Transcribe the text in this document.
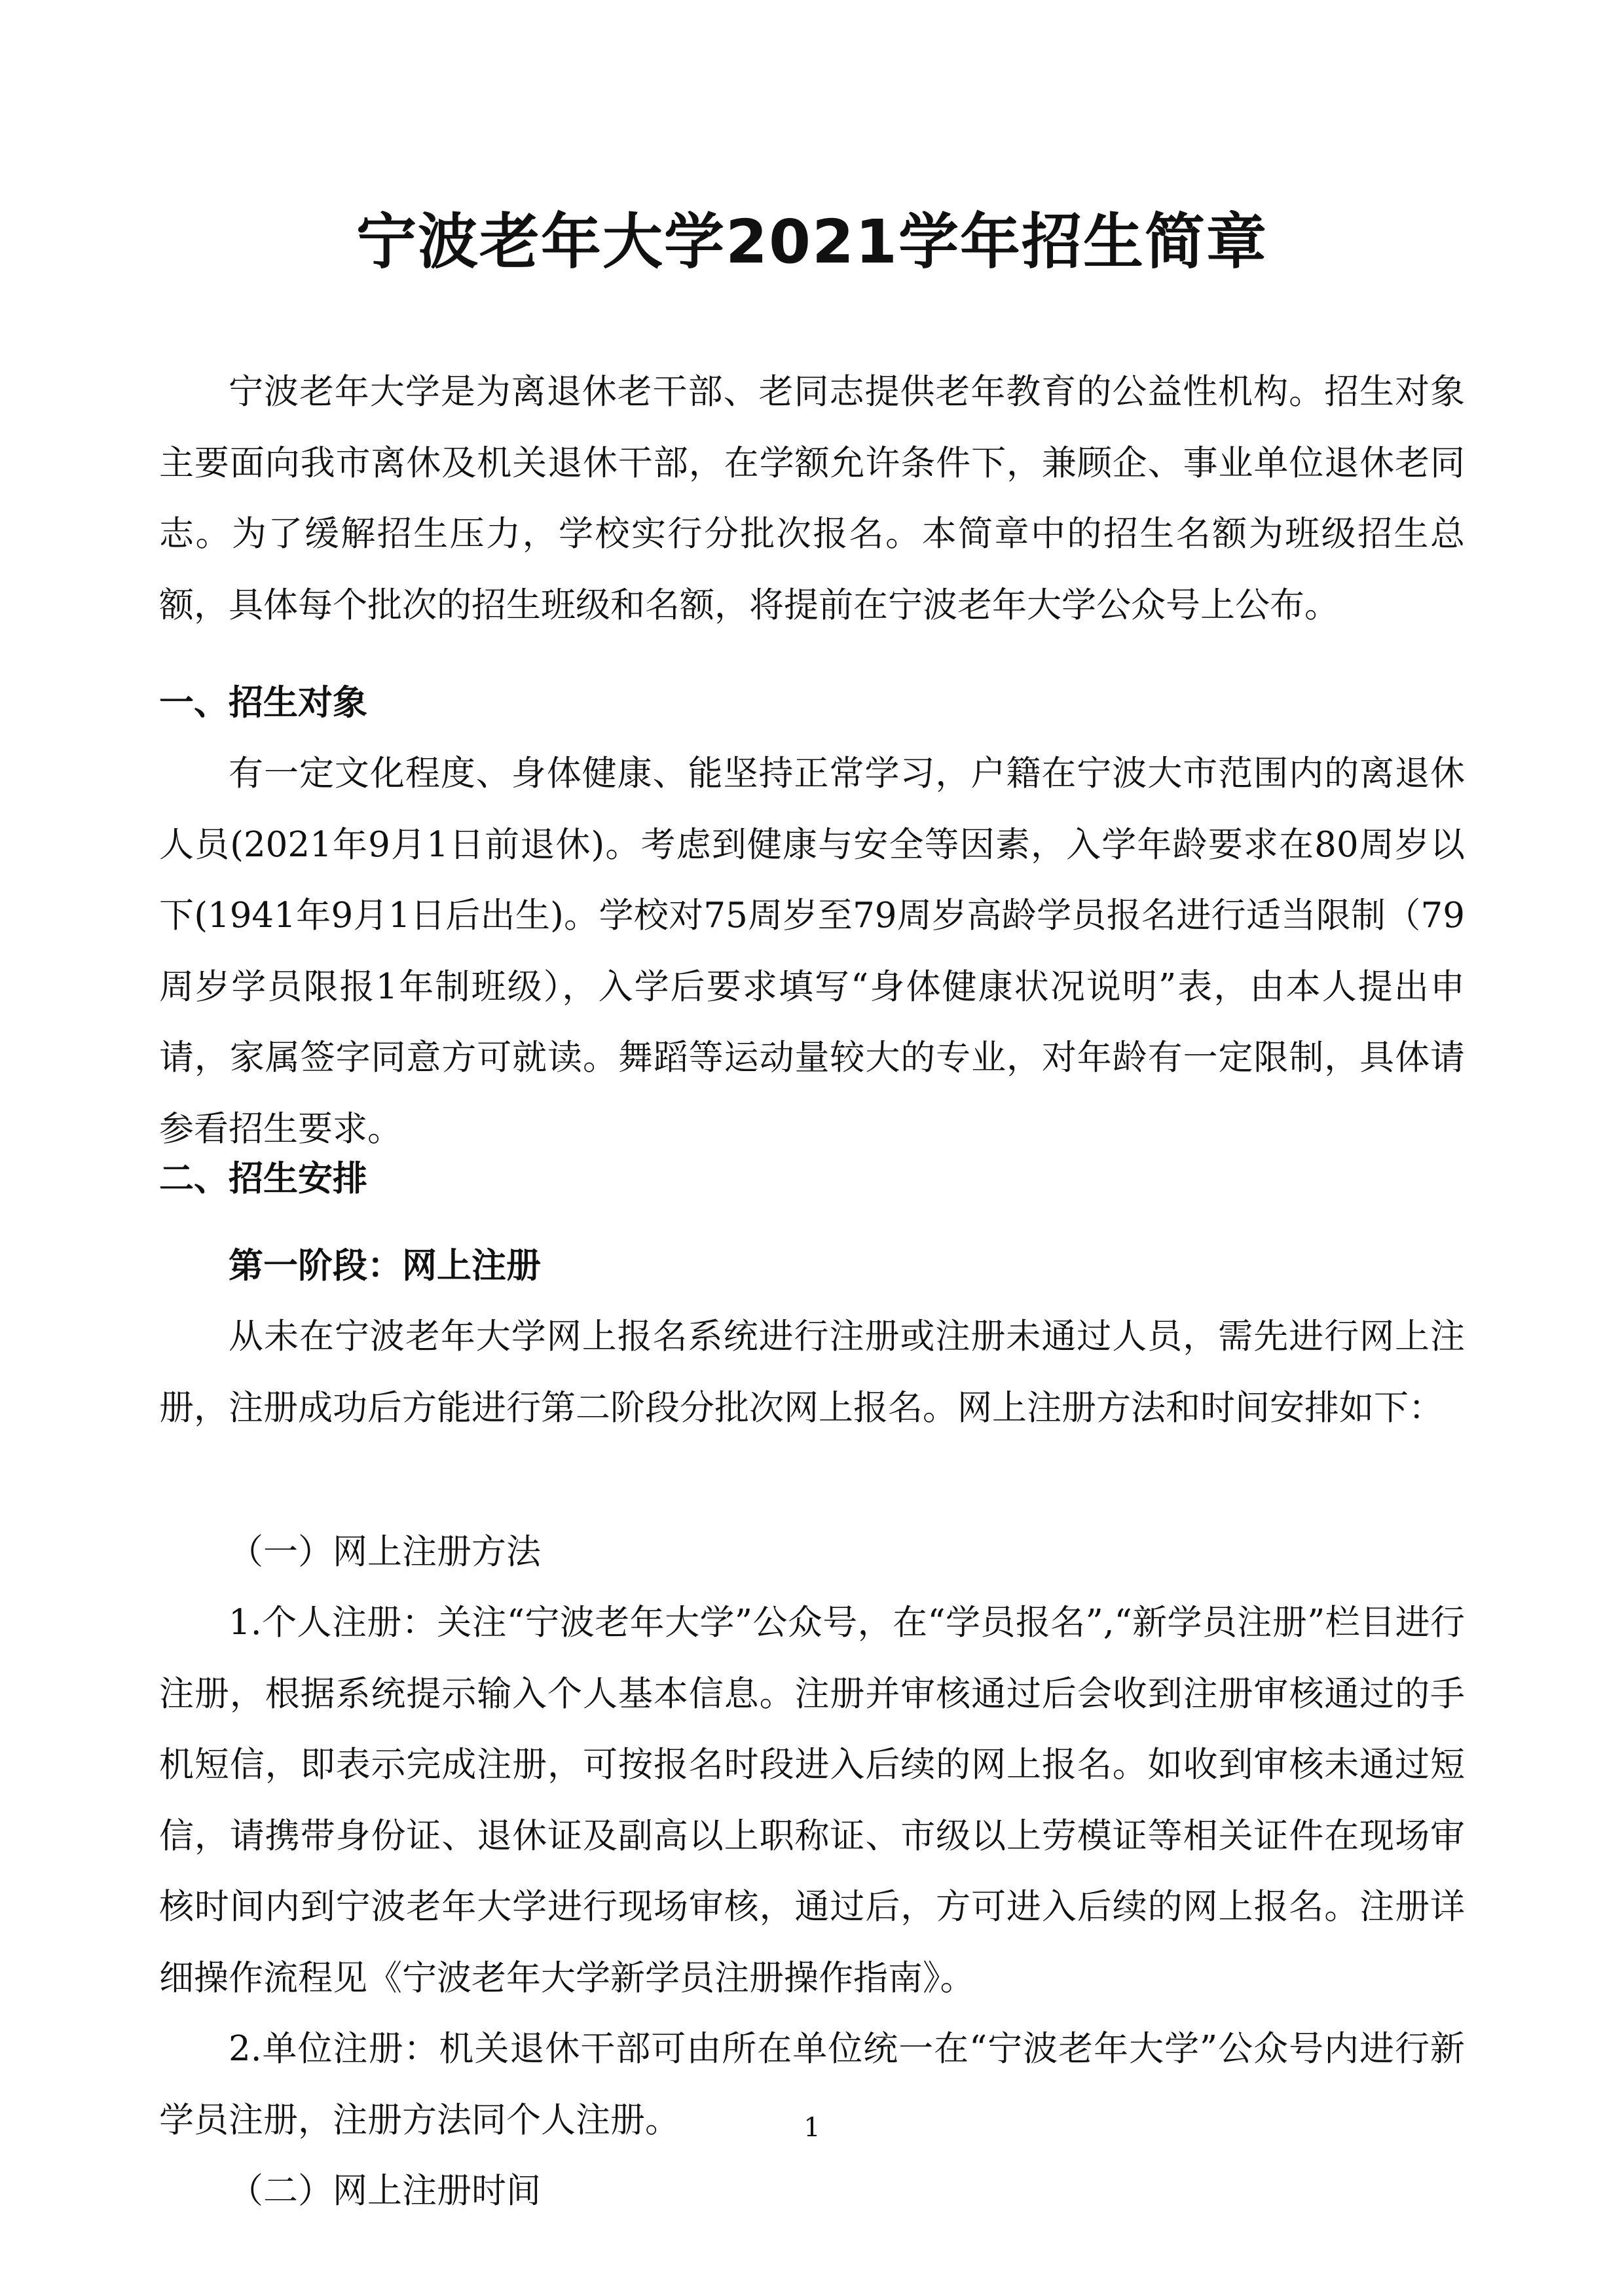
宁波老年大学2021学年招生简章

宁波老年大学是为离退休老干部、老同志提供老年教育的公益性机构。招生对象主要面向我市离休及机关退休干部，在学额允许条件下，兼顾企、事业单位退休老同志。为了缓解招生压力，学校实行分批次报名。本简章中的招生名额为班级招生总额，具体每个批次的招生班级和名额，将提前在宁波老年大学公众号上公布。

一、招生对象

有一定文化程度、身体健康、能坚持正常学习，户籍在宁波大市范围内的离退休人员(2021年9月1日前退休)。考虑到健康与安全等因素，入学年龄要求在80周岁以下(1941年9月1日后出生)。学校对75周岁至79周岁高龄学员报名进行适当限制（79周岁学员限报1年制班级），入学后要求填写“身体健康状况说明”表，由本人提出申请，家属签字同意方可就读。舞蹈等运动量较大的专业，对年龄有一定限制，具体请参看招生要求。

二、招生安排
第一阶段：网上注册

从未在宁波老年大学网上报名系统进行注册或注册未通过人员，需先进行网上注册，注册成功后方能进行第二阶段分批次网上报名。网上注册方法和时间安排如下：

（一）网上注册方法

1.个人注册：关注“宁波老年大学”公众号，在“学员报名”,“新学员注册”栏目进行注册，根据系统提示输入个人基本信息。注册并审核通过后会收到注册审核通过的手机短信，即表示完成注册，可按报名时段进入后续的网上报名。如收到审核未通过短信，请携带身份证、退休证及副高以上职称证、市级以上劳模证等相关证件在现场审核时间内到宁波老年大学进行现场审核，通过后，方可进入后续的网上报名。注册详细操作流程见《宁波老年大学新学员注册操作指南》。

1

2.单位注册：机关退休干部可由所在单位统一在“宁波老年大学”公众号内进行新学员注册，注册方法同个人注册。

（二）网上注册时间
